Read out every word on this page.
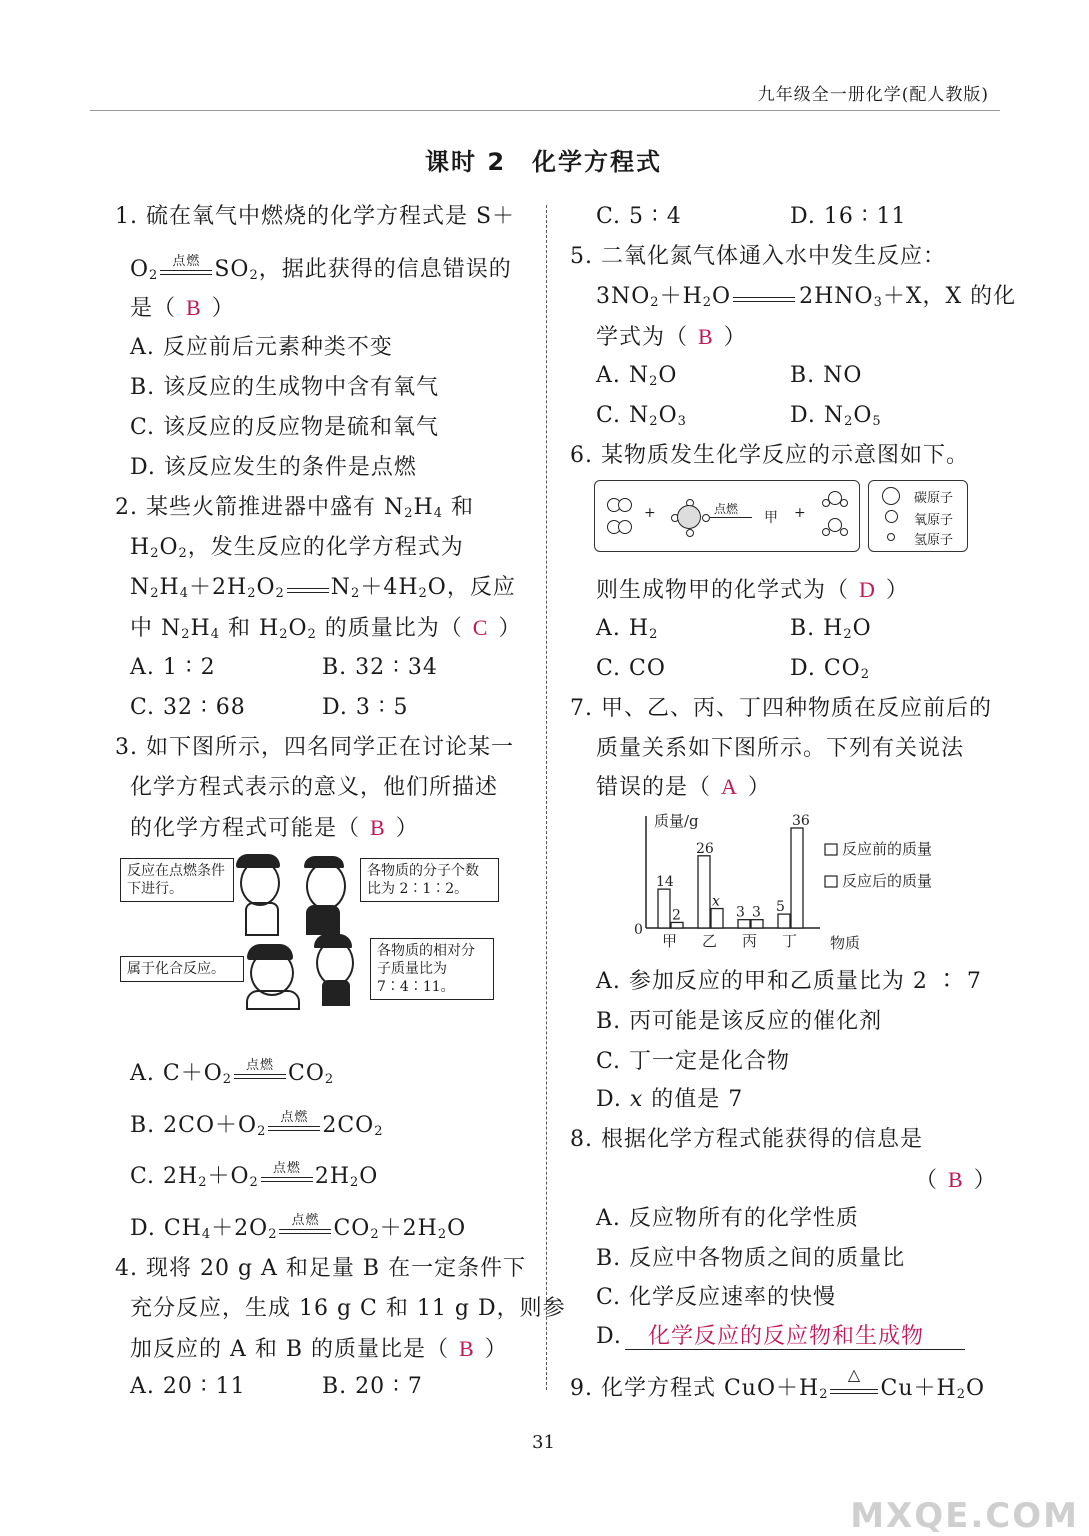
九年级全一册化学(配人教版)
课时 2　化学方程式
1. 硫在氧气中燃烧的化学方程式是 S＋
$O_2$
点燃 $SO_2$，据此获得的信息错误的
是（ B ）
A. 反应前后元素种类不变
B. 该反应的生成物中含有氧气
C. 该反应的反应物是硫和氧气
D. 该反应发生的条件是点燃
2. 某些火箭推进器中盛有 $N_2H_4$ 和
$H_2O_2$，发生反应的化学方程式为
$N_2H_4+2H_2O_2$ $N_2+4H_2O$，反应
中 $N_2H_4$ 和 $H_2O_2$ 的质量比为（ C ）
A. 1 ∶ 2	B. 32 ∶ 34
C. 32 ∶ 68	D. 3 ∶ 5
3. 如下图所示，四名同学正在讨论某一
化学方程式表示的意义，他们所描述
的化学方程式可能是（ B ）
反应在点燃条件下进行。
各物质的分子个数比为 2∶1∶2。
属于化合反应。
各物质的相对分子质量比为 7∶4∶11。
A. $C+O_2$
点燃 $CO_2$
B. $2CO+O_2$
点燃 $2CO_2$
C. $2H_2+O_2$
点燃 $2H_2O$
D. $CH_4+2O_2$
点燃 $CO_2+2H_2O$
4. 现将 20 g A 和足量 B 在一定条件下
充分反应，生成 16 g C 和 11 g D，则参
加反应的 A 和 B 的质量比是（ B ）
A. 20 ∶ 11	B. 20 ∶ 7
C. 5 ∶ 4	D. 16 ∶ 11
5. 二氧化氮气体通入水中发生反应：
$3NO_2+H_2O$	$2HNO_3+X$，X 的化
学式为（ B ）
A. $N_2O$	B. NO
C. $N_2O_3$	D. $N_2O_5$
6. 某物质发生化学反应的示意图如下。
+	点燃
甲 +
碳原子
氧原子
氢原子
则生成物甲的化学式为（ D ）
A. $H_2$	B. $H_2O$
C. CO	D. $CO_2$
7. 甲、乙、丙、丁四种物质在反应前后的
质量关系如下图所示。下列有关说法
错误的是（ A ）
质量/g
0
物质
14
2
甲
26
x
乙
3 3
丙
5
36
丁
反应前的质量
反应后的质量
A. 参加反应的甲和乙质量比为 2 ∶ 7
B. 丙可能是该反应的催化剂
C. 丁一定是化合物
D. x 的值是 7
8. 根据化学方程式能获得的信息是
（ B ）
A. 反应物所有的化学性质
B. 反应中各物质之间的质量比
C. 化学反应速率的快慢
D. 化学反应的反应物和生成物
9. 化学方程式 $CuO+H_2$
△
$Cu+H_2O$
31
MXQE.COM
